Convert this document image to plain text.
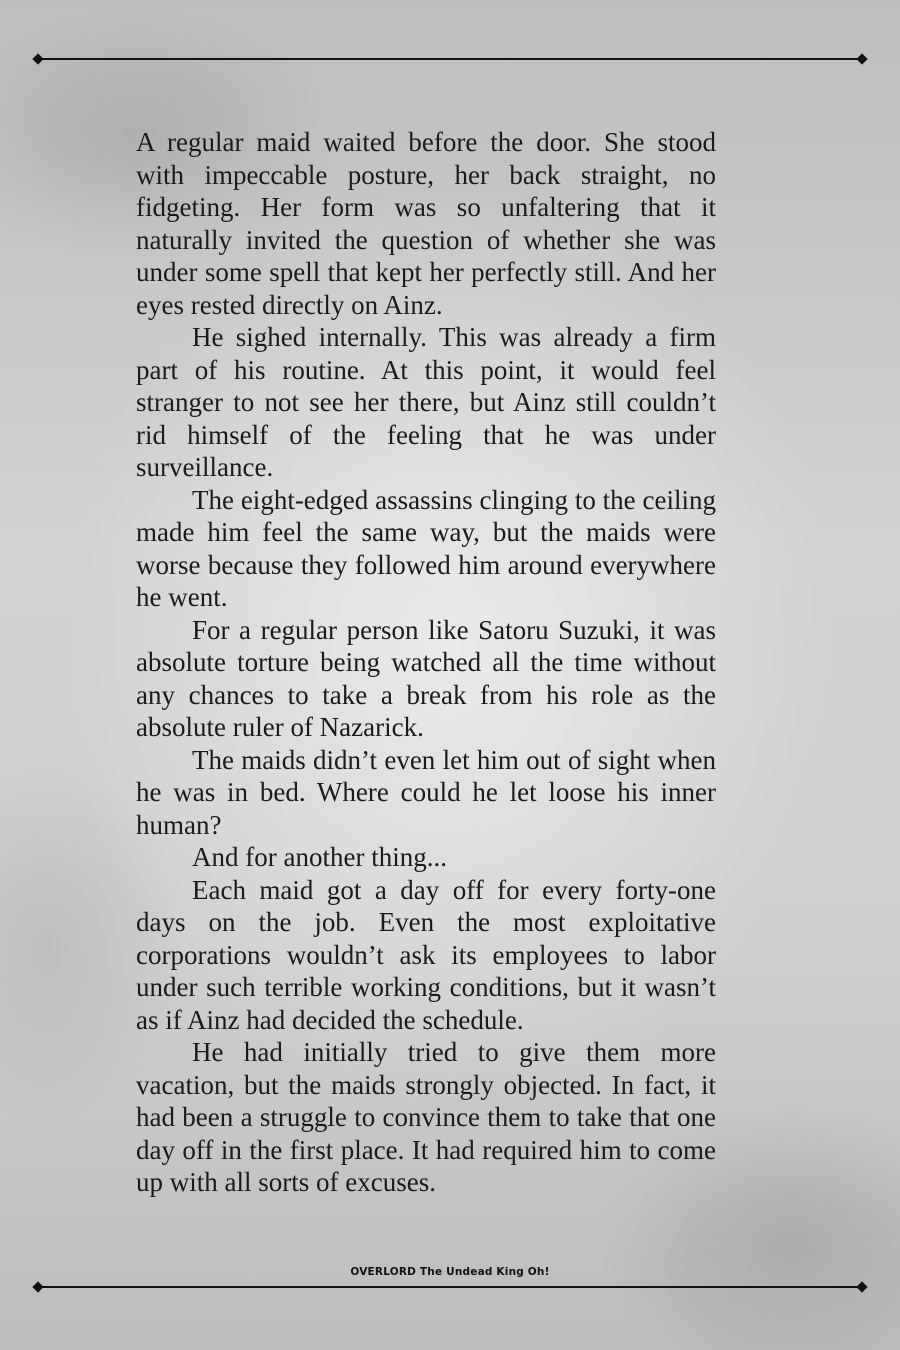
A regular maid waited before the door. She stood with impeccable posture, her back straight, no fidgeting. Her form was so unfaltering that it naturally invited the question of whether she was under some spell that kept her perfectly still. And her eyes rested directly on Ainz.

He sighed internally. This was already a firm part of his routine. At this point, it would feel stranger to not see her there, but Ainz still couldn’t rid himself of the feeling that he was under surveillance.

The eight-edged assassins clinging to the ceiling made him feel the same way, but the maids were worse because they followed him around everywhere he went.

For a regular person like Satoru Suzuki, it was absolute torture being watched all the time without any chances to take a break from his role as the absolute ruler of Nazarick.

The maids didn’t even let him out of sight when he was in bed. Where could he let loose his inner human?

And for another thing...

Each maid got a day off for every forty-one days on the job. Even the most exploitative corporations wouldn’t ask its employees to labor under such terrible working conditions, but it wasn’t as if Ainz had decided the schedule.

He had initially tried to give them more vacation, but the maids strongly objected. In fact, it had been a struggle to convince them to take that one day off in the first place. It had required him to come up with all sorts of excuses.

OVERLORD The Undead King Oh!
